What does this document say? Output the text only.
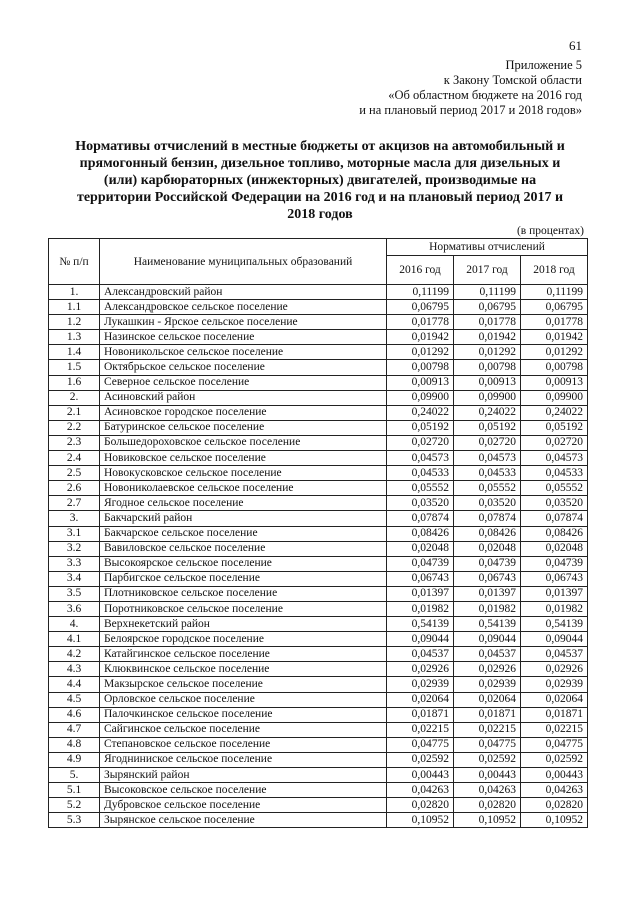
61
Приложение 5
к Закону Томской области
«Об областном бюджете на 2016 год
и на плановый период 2017 и 2018 годов»
Нормативы отчислений в местные бюджеты от акцизов на автомобильный и прямогонный бензин, дизельное топливо, моторные масла для дизельных и (или) карбюраторных (инжекторных) двигателей, производимые на территории Российской Федерации на 2016 год и на плановый период 2017 и 2018 годов
(в процентах)
№ п/п	Наименование муниципальных образований	Нормативы отчислений		
		2016 год	2017 год	2018 год
1.	Александровский район	0,11199	0,11199	0,11199
1.1	Александровское сельское поселение	0,06795	0,06795	0,06795
1.2	Лукашкин - Ярское сельское поселение	0,01778	0,01778	0,01778
1.3	Назинское сельское поселение	0,01942	0,01942	0,01942
1.4	Новоникольское сельское поселение	0,01292	0,01292	0,01292
1.5	Октябрьское сельское поселение	0,00798	0,00798	0,00798
1.6	Северное сельское поселение	0,00913	0,00913	0,00913
2.	Асиновский район	0,09900	0,09900	0,09900
2.1	Асиновское городское поселение	0,24022	0,24022	0,24022
2.2	Батуринское сельское поселение	0,05192	0,05192	0,05192
2.3	Большедороховское сельское поселение	0,02720	0,02720	0,02720
2.4	Новиковское сельское поселение	0,04573	0,04573	0,04573
2.5	Новокусковское сельское поселение	0,04533	0,04533	0,04533
2.6	Новониколаевское сельское поселение	0,05552	0,05552	0,05552
2.7	Ягодное сельское поселение	0,03520	0,03520	0,03520
3.	Бакчарский район	0,07874	0,07874	0,07874
3.1	Бакчарское сельское поселение	0,08426	0,08426	0,08426
3.2	Вавиловское сельское поселение	0,02048	0,02048	0,02048
3.3	Высокоярское сельское поселение	0,04739	0,04739	0,04739
3.4	Парбигское сельское поселение	0,06743	0,06743	0,06743
3.5	Плотниковское сельское поселение	0,01397	0,01397	0,01397
3.6	Поротниковское сельское поселение	0,01982	0,01982	0,01982
4.	Верхнекетский район	0,54139	0,54139	0,54139
4.1	Белоярское городское поселение	0,09044	0,09044	0,09044
4.2	Катайгинское сельское поселение	0,04537	0,04537	0,04537
4.3	Клюквинское сельское поселение	0,02926	0,02926	0,02926
4.4	Макзырское сельское поселение	0,02939	0,02939	0,02939
4.5	Орловское сельское поселение	0,02064	0,02064	0,02064
4.6	Палочкинское сельское поселение	0,01871	0,01871	0,01871
4.7	Сайгинское сельское поселение	0,02215	0,02215	0,02215
4.8	Степановское сельское поселение	0,04775	0,04775	0,04775
4.9	Ягодниниское сельское поселение	0,02592	0,02592	0,02592
5.	Зырянский район	0,00443	0,00443	0,00443
5.1	Высоковское сельское поселение	0,04263	0,04263	0,04263
5.2	Дубровское сельское поселение	0,02820	0,02820	0,02820
5.3	Зырянское сельское поселение	0,10952	0,10952	0,10952
